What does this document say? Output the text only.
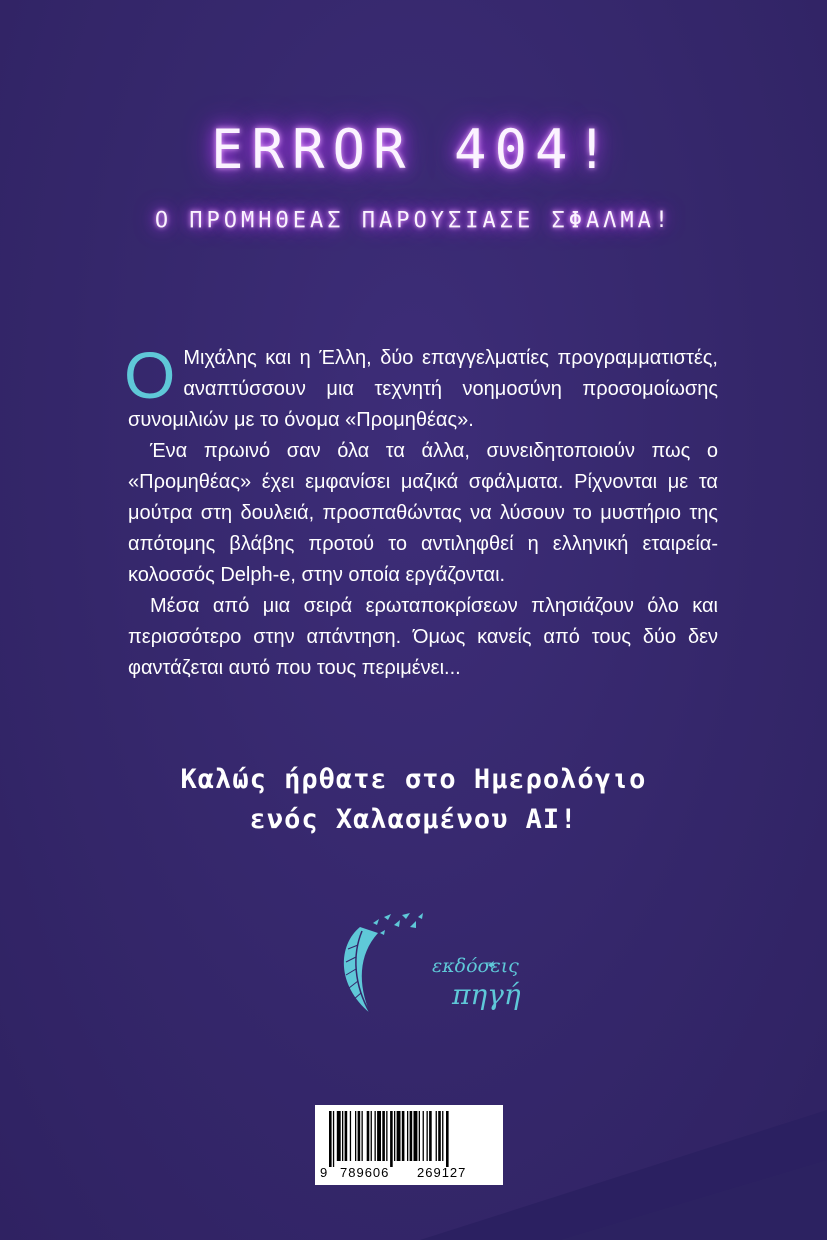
ERROR 404!
Ο ΠΡΟΜΗΘΕΑΣ ΠΑΡΟΥΣΙΑΣΕ ΣΦΑΛΜΑ!

Ο Μιχάλης και η Έλλη, δύο επαγγελματίες προγραμματιστές, αναπτύσσουν μια τεχνητή νοημοσύνη προσομοίωσης συνομιλιών με το όνομα «Προμηθέας».

Ένα πρωινό σαν όλα τα άλλα, συνειδητοποιούν πως ο «Προμηθέας» έχει εμφανίσει μαζικά σφάλματα. Ρίχνονται με τα μούτρα στη δουλειά, προσπαθώντας να λύσουν το μυστήριο της απότομης βλάβης προτού το αντιληφθεί η ελληνική εταιρεία-κολοσσός Delph-e, στην οποία εργάζονται.

Μέσα από μια σειρά ερωταποκρίσεων πλησιάζουν όλο και περισσότερο στην απάντηση. Όμως κανείς από τους δύο δεν φαντάζεται αυτό που τους περιμένει...

Καλώς ήρθατε στο Ημερολόγιο
ενός Χαλασμένου AI!
εκδόσεις
πηγή
9 789606 269127
